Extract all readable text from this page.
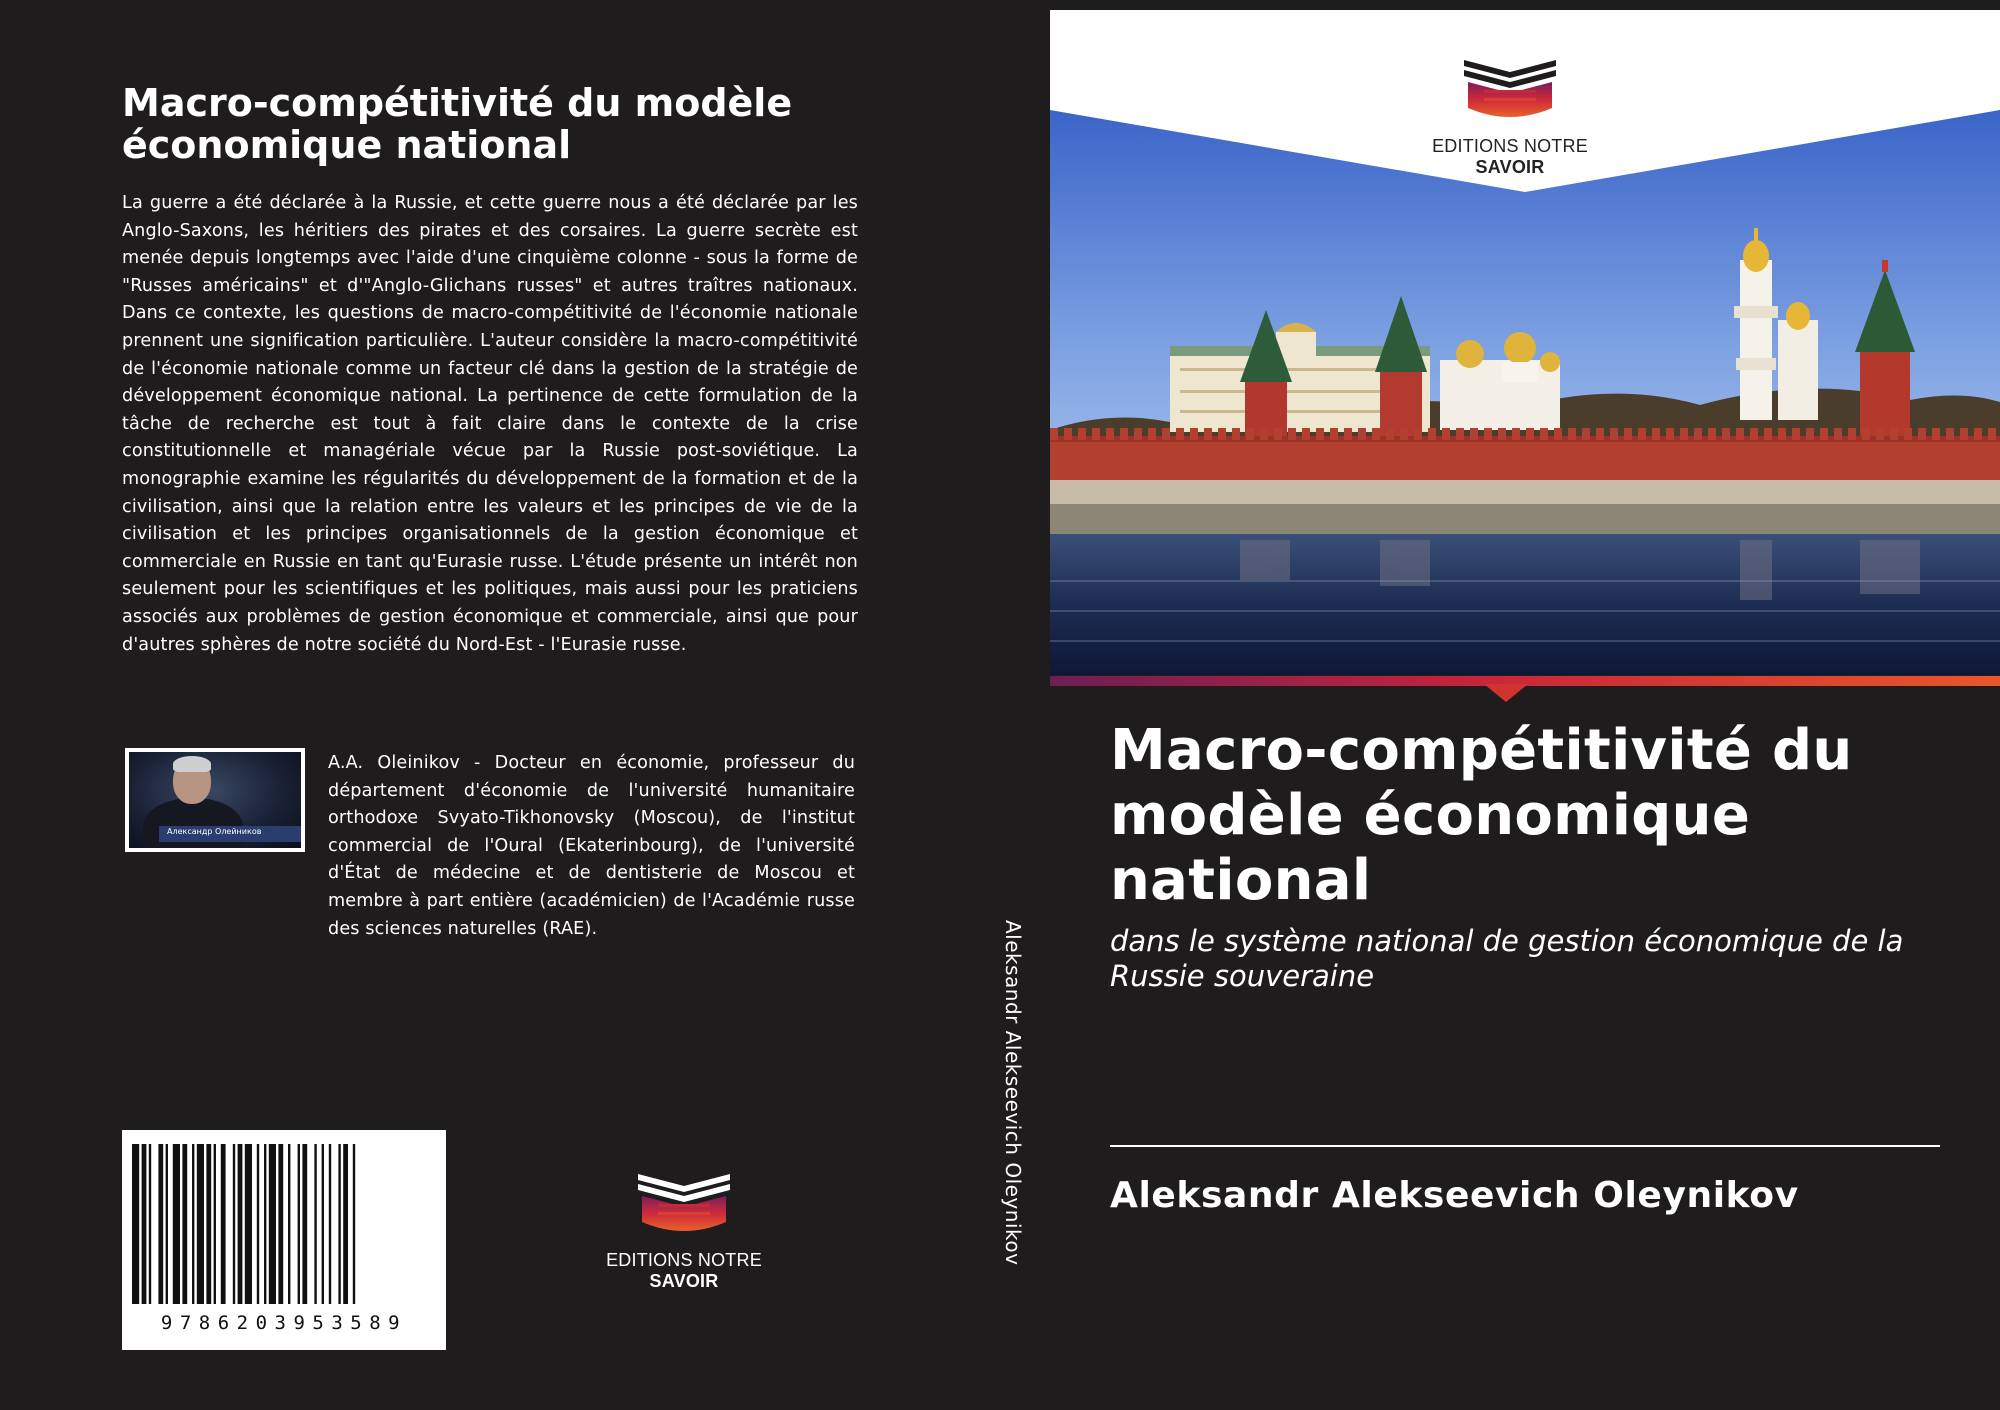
Macro-compétitivité du modèle économique national
La guerre a été déclarée à la Russie, et cette guerre nous a été déclarée par les Anglo-Saxons, les héritiers des pirates et des corsaires. La guerre secrète est menée depuis longtemps avec l'aide d'une cinquième colonne - sous la forme de "Russes américains" et d'"Anglo-Glichans russes" et autres traîtres nationaux. Dans ce contexte, les questions de macro-compétitivité de l'économie nationale prennent une signification particulière. L'auteur considère la macro-compétitivité de l'économie nationale comme un facteur clé dans la gestion de la stratégie de développement économique national. La pertinence de cette formulation de la tâche de recherche est tout à fait claire dans le contexte de la crise constitutionnelle et managériale vécue par la Russie post-soviétique. La monographie examine les régularités du développement de la formation et de la civilisation, ainsi que la relation entre les valeurs et les principes de vie de la civilisation et les principes organisationnels de la gestion économique et commerciale en Russie en tant qu'Eurasie russe. L'étude présente un intérêt non seulement pour les scientifiques et les politiques, mais aussi pour les praticiens associés aux problèmes de gestion économique et commerciale, ainsi que pour d'autres sphères de notre société du Nord-Est - l'Eurasie russe.
Александр Олейников
A.A. Oleinikov - Docteur en économie, professeur du département d'économie de l'université humanitaire orthodoxe Svyato-Tikhonovsky (Moscou), de l'institut commercial de l'Oural (Ekaterinbourg), de l'université d'État de médecine et de dentisterie de Moscou et membre à part entière (académicien) de l'Académie russe des sciences naturelles (RAE).
9786203953589
EDITIONS NOTRE SAVOIR
Aleksandr Alekseevich Oleynikov
EDITIONS NOTRE SAVOIR
Macro-compétitivité du modèle économique national
dans le système national de gestion économique de la Russie souveraine
Aleksandr Alekseevich Oleynikov
